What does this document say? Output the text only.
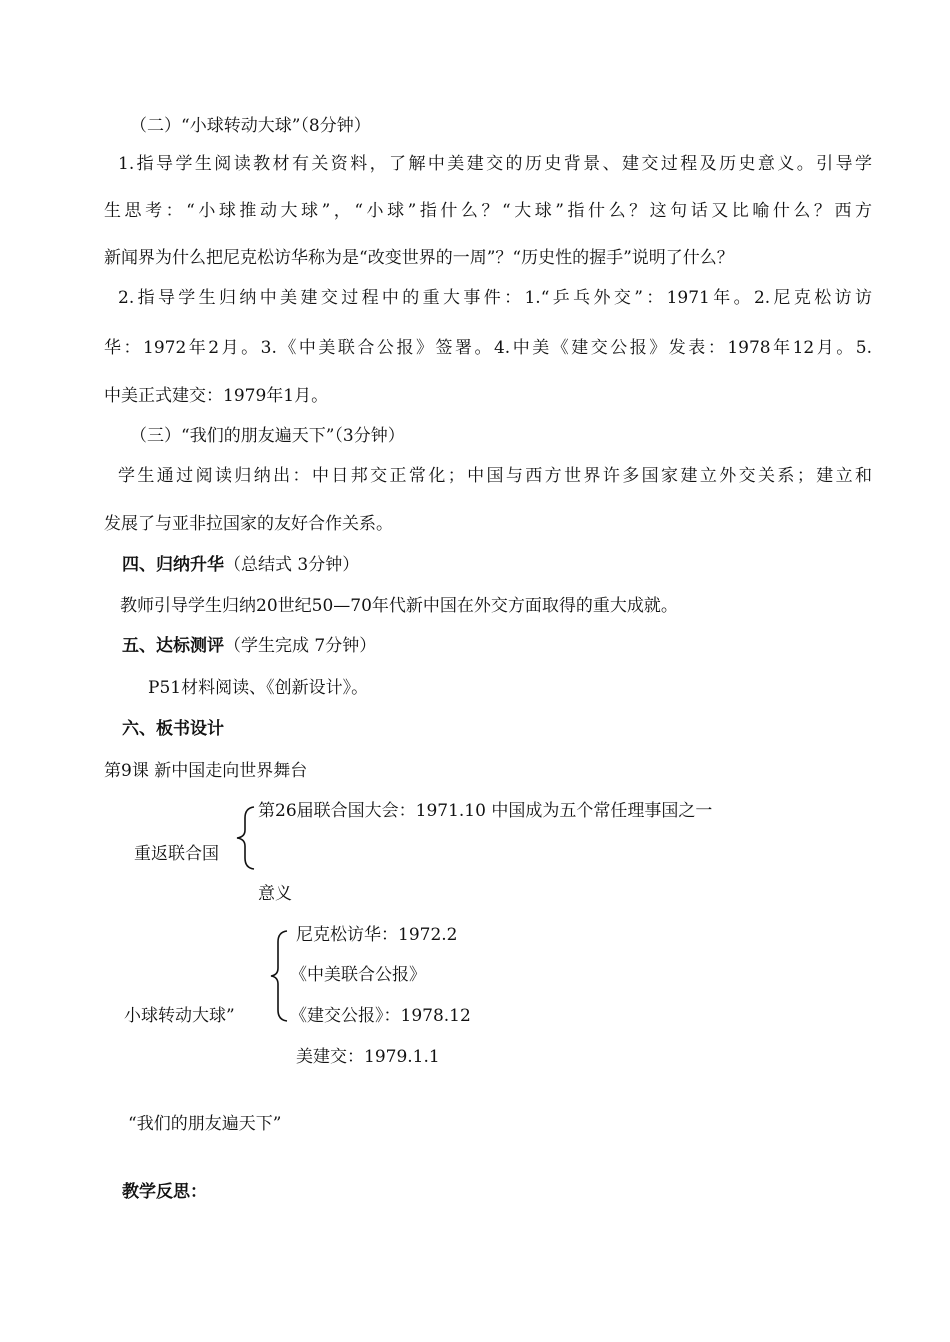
（二）“小球转动大球”（8分钟）

1.指导学生阅读教材有关资料，了解中美建交的历史背景、建交过程及历史意义。引导学

生思考：“小球推动大球”，“小球”指什么？“大球”指什么？这句话又比喻什么？西方

新闻界为什么把尼克松访华称为是“改变世界的一周”？“历史性的握手”说明了什么？

2.指导学生归纳中美建交过程中的重大事件：1.“乒乓外交”：1971年。2.尼克松访访

华：1972年2月。3.《中美联合公报》签署。4.中美《建交公报》发表：1978年12月。5.

中美正式建交：1979年1月。

（三）“我们的朋友遍天下”（3分钟）

学生通过阅读归纳出：中日邦交正常化；中国与西方世界许多国家建立外交关系；建立和

发展了与亚非拉国家的友好合作关系。

四、归纳升华（总结式 3分钟）
教师引导学生归纳20世纪50—70年代新中国在外交方面取得的重大成就。
五、达标测评（学生完成 7分钟）
P51材料阅读、《创新设计》。
六、板书设计
第9课 新中国走向世界舞台
重返联合国
第26届联合国大会：1971.10 中国成为五个常任理事国之一
意义
尼克松访华：1972.2
《中美联合公报》
小球转动大球”	《建交公报》：1978.12
美建交：1979.1.1
“我们的朋友遍天下”
教学反思：
